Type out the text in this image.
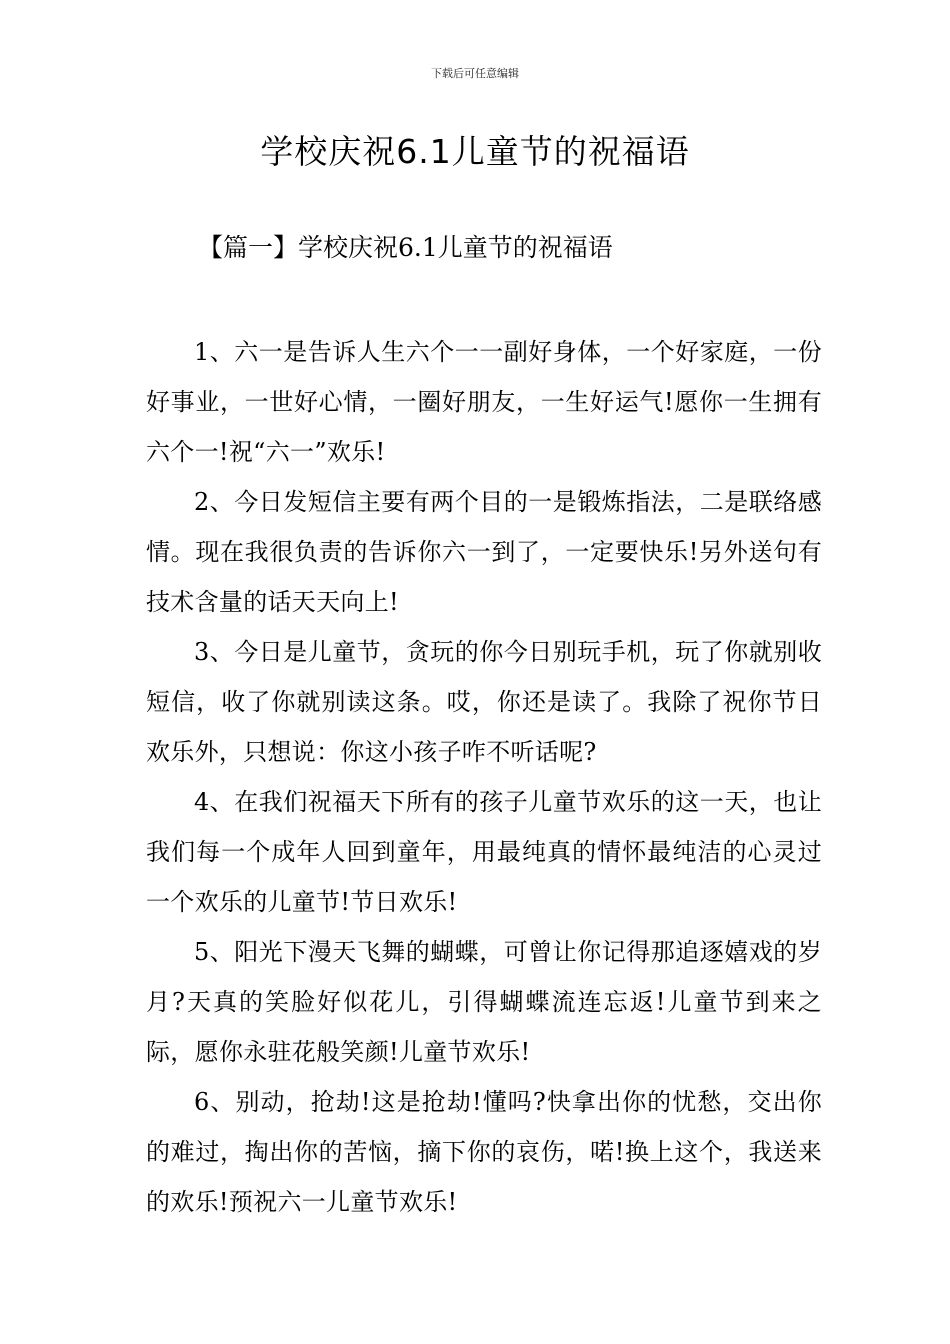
下载后可任意编辑
学校庆祝6.1儿童节的祝福语
【篇一】学校庆祝6.1儿童节的祝福语

1、六一是告诉人生六个一一副好身体，一个好家庭，一份好事业，一世好心情，一圈好朋友，一生好运气!愿你一生拥有六个一!祝“六一”欢乐!

2、今日发短信主要有两个目的一是锻炼指法，二是联络感情。现在我很负责的告诉你六一到了，一定要快乐!另外送句有技术含量的话天天向上!

3、今日是儿童节，贪玩的你今日别玩手机，玩了你就别收短信，收了你就别读这条。哎，你还是读了。我除了祝你节日欢乐外，只想说：你这小孩子咋不听话呢?

4、在我们祝福天下所有的孩子儿童节欢乐的这一天，也让我们每一个成年人回到童年，用最纯真的情怀最纯洁的心灵过一个欢乐的儿童节!节日欢乐!

5、阳光下漫天飞舞的蝴蝶，可曾让你记得那追逐嬉戏的岁月?天真的笑脸好似花儿，引得蝴蝶流连忘返!儿童节到来之际，愿你永驻花般笑颜!儿童节欢乐!

6、别动，抢劫!这是抢劫!懂吗?快拿出你的忧愁，交出你的难过，掏出你的苦恼，摘下你的哀伤，喏!换上这个，我送来的欢乐!预祝六一儿童节欢乐!
